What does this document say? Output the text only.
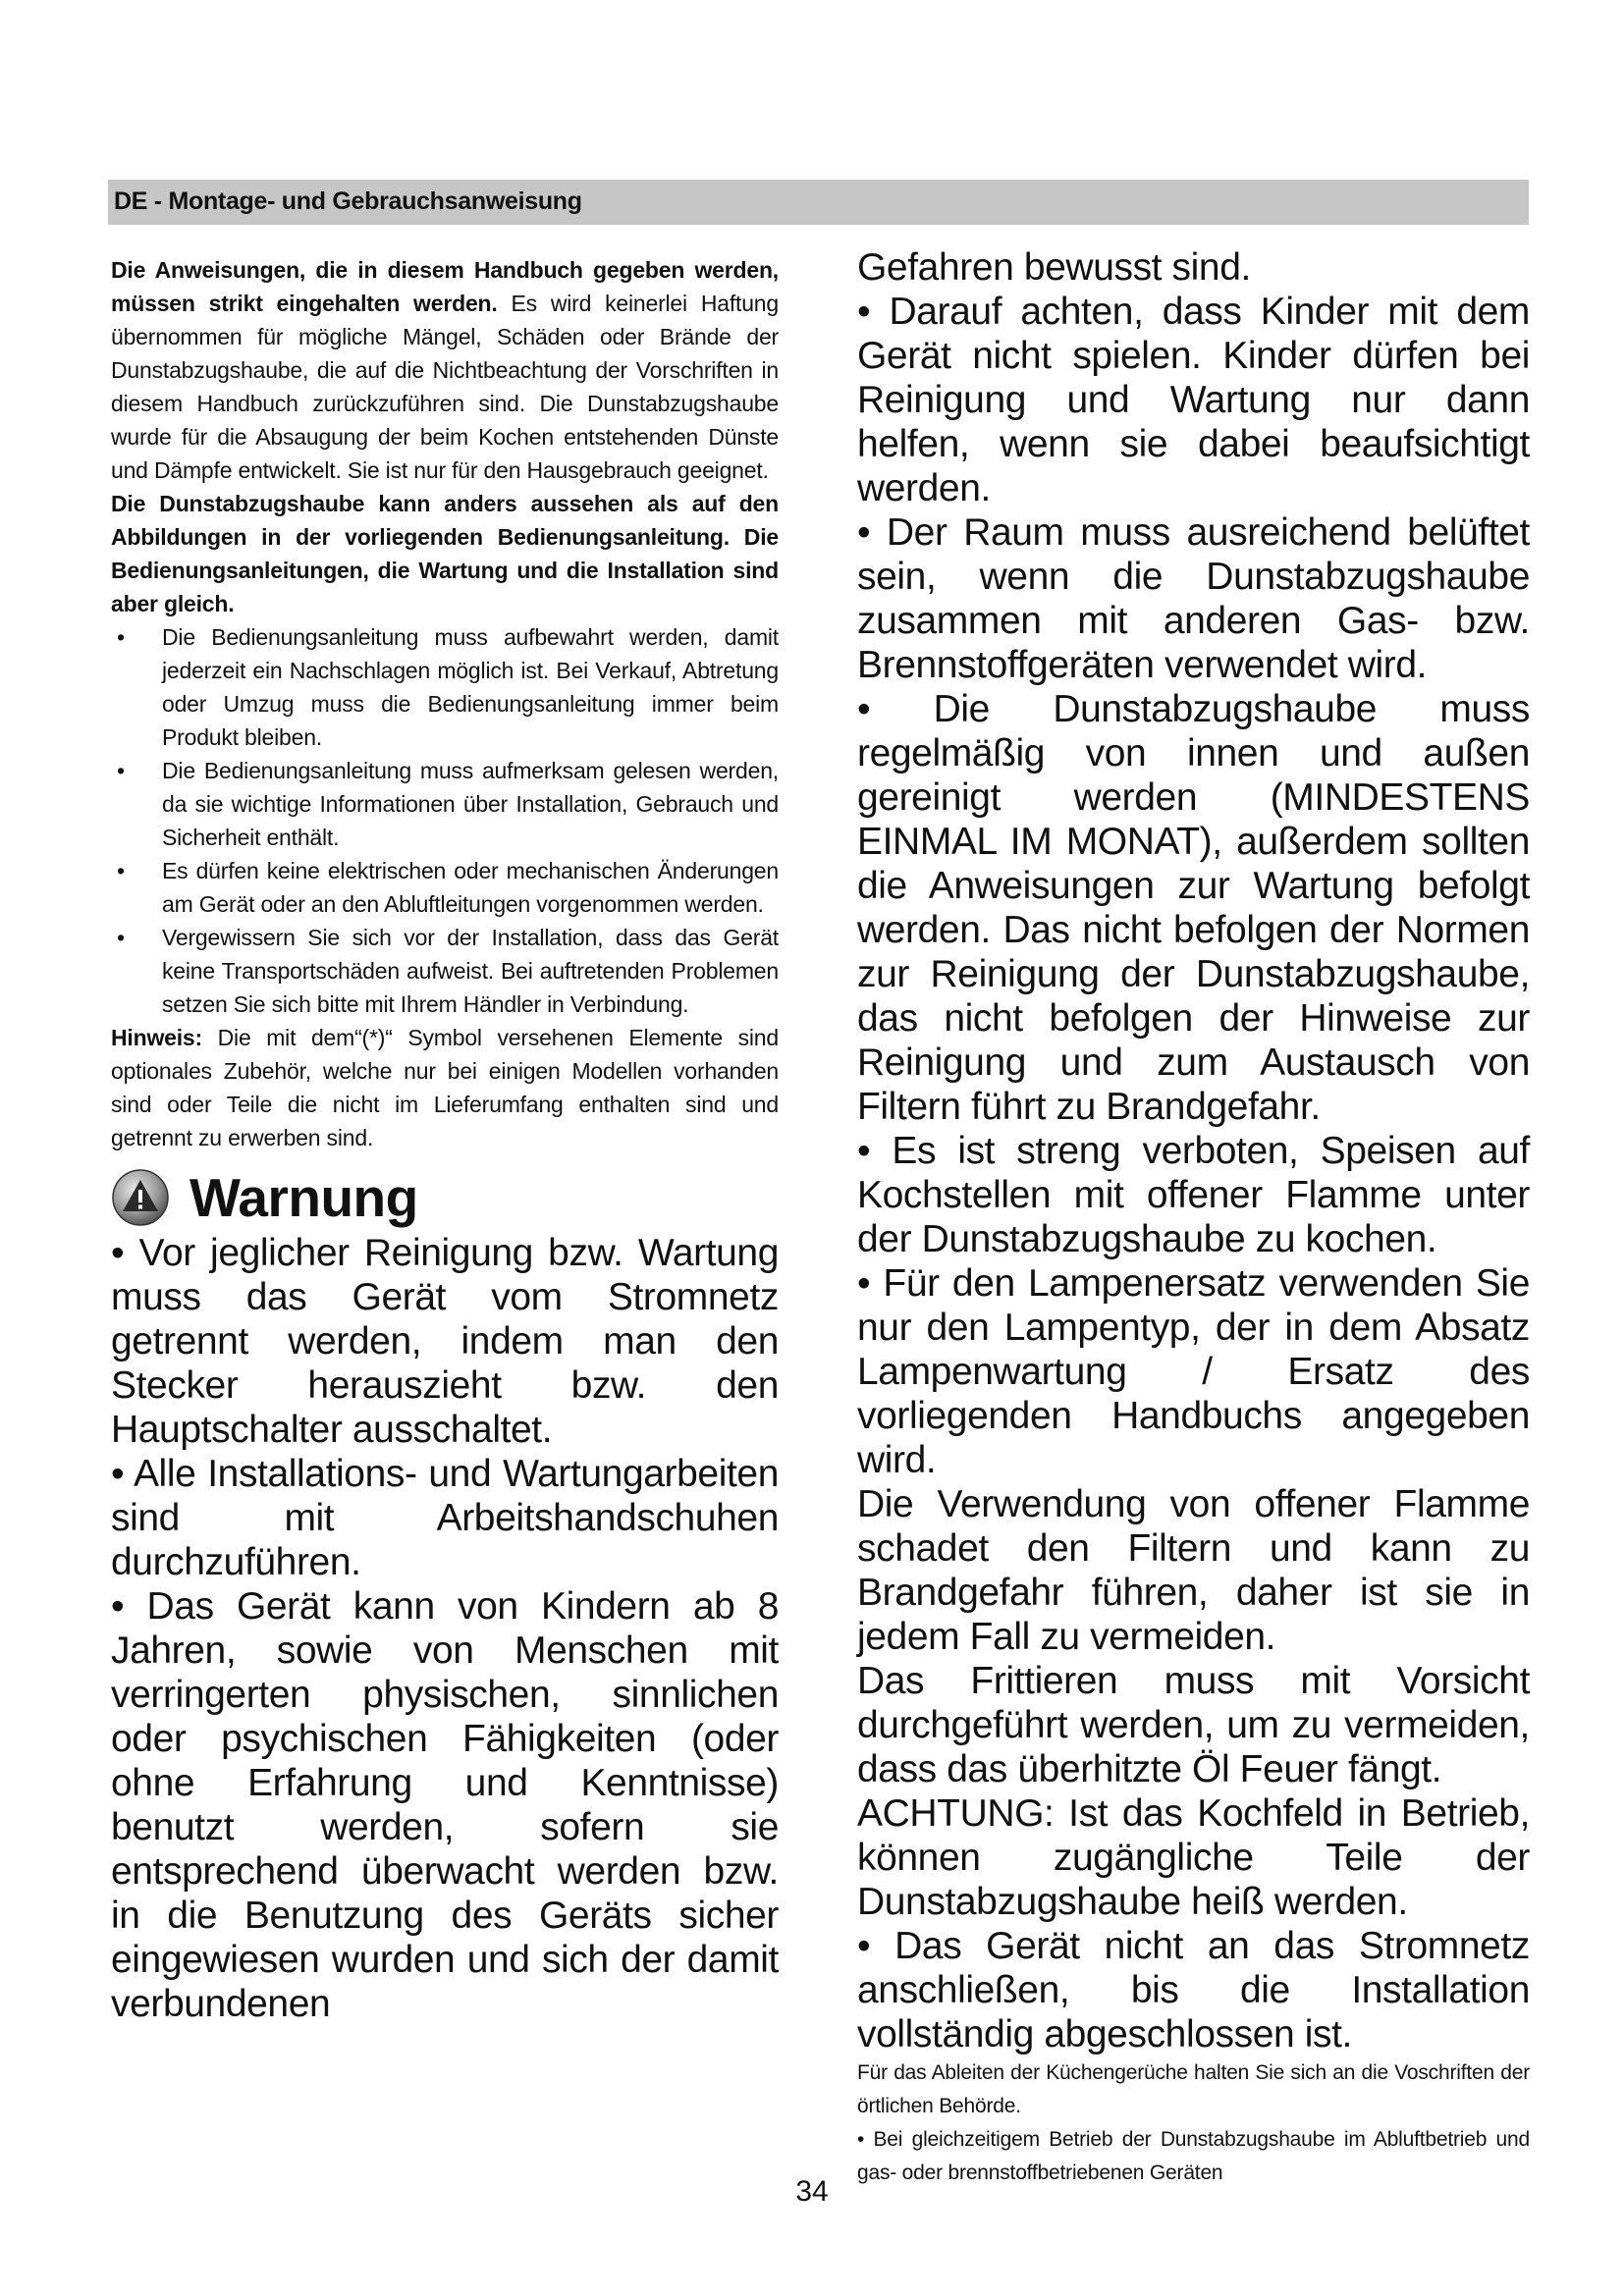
DE - Montage- und Gebrauchsanweisung

Die Anweisungen, die in diesem Handbuch gegeben werden, müssen strikt eingehalten werden. Es wird keinerlei Haftung übernommen für mögliche Mängel, Schäden oder Brände der Dunstabzugshaube, die auf die Nichtbeachtung der Vorschriften in diesem Handbuch zurückzuführen sind. Die Dunstabzugshaube wurde für die Absaugung der beim Kochen entstehenden Dünste und Dämpfe entwickelt. Sie ist nur für den Hausgebrauch geeignet.

Die Dunstabzugshaube kann anders aussehen als auf den Abbildungen in der vorliegenden Bedienungsanleitung. Die Bedienungsanleitungen, die Wartung und die Installation sind aber gleich.

• Die Bedienungsanleitung muss aufbewahrt werden, damit jederzeit ein Nachschlagen möglich ist. Bei Verkauf, Abtretung oder Umzug muss die Bedienungsanleitung immer beim Produkt bleiben.
• Die Bedienungsanleitung muss aufmerksam gelesen werden, da sie wichtige Informationen über Installation, Gebrauch und Sicherheit enthält.
• Es dürfen keine elektrischen oder mechanischen Änderungen am Gerät oder an den Abluftleitungen vorgenommen werden.
• Vergewissern Sie sich vor der Installation, dass das Gerät keine Transportschäden aufweist. Bei auftretenden Problemen setzen Sie sich bitte mit Ihrem Händler in Verbindung.

Hinweis: Die mit dem“(*)“ Symbol versehenen Elemente sind optionales Zubehör, welche nur bei einigen Modellen vorhanden sind oder Teile die nicht im Lieferumfang enthalten sind und getrennt zu erwerben sind.

Warnung

• Vor jeglicher Reinigung bzw. Wartung muss das Gerät vom Stromnetz getrennt werden, indem man den Stecker herauszieht bzw. den Hauptschalter ausschaltet.

• Alle Installations- und Wartungarbeiten sind mit Arbeitshandschuhen durchzuführen.

• Das Gerät kann von Kindern ab 8 Jahren, sowie von Menschen mit verringerten physischen, sinnlichen oder psychischen Fähigkeiten (oder ohne Erfahrung und Kenntnisse) benutzt werden, sofern sie entsprechend überwacht werden bzw. in die Benutzung des Geräts sicher eingewiesen wurden und sich der damit verbundenen

Gefahren bewusst sind.

• Darauf achten, dass Kinder mit dem Gerät nicht spielen. Kinder dürfen bei Reinigung und Wartung nur dann helfen, wenn sie dabei beaufsichtigt werden.

• Der Raum muss ausreichend belüftet sein, wenn die Dunstabzugshaube zusammen mit anderen Gas- bzw. Brennstoffgeräten verwendet wird.

• Die Dunstabzugshaube muss regelmäßig von innen und außen gereinigt werden (MINDESTENS EINMAL IM MONAT), außerdem sollten die Anweisungen zur Wartung befolgt werden. Das nicht befolgen der Normen zur Reinigung der Dunstabzugshaube, das nicht befolgen der Hinweise zur Reinigung und zum Austausch von Filtern führt zu Brandgefahr.

• Es ist streng verboten, Speisen auf Kochstellen mit offener Flamme unter der Dunstabzugshaube zu kochen.

• Für den Lampenersatz verwenden Sie nur den Lampentyp, der in dem Absatz Lampenwartung / Ersatz des vorliegenden Handbuchs angegeben wird.

Die Verwendung von offener Flamme schadet den Filtern und kann zu Brandgefahr führen, daher ist sie in jedem Fall zu vermeiden.

Das Frittieren muss mit Vorsicht durchgeführt werden, um zu vermeiden, dass das überhitzte Öl Feuer fängt.

ACHTUNG: Ist das Kochfeld in Betrieb, können zugängliche Teile der Dunstabzugshaube heiß werden.

• Das Gerät nicht an das Stromnetz anschließen, bis die Installation vollständig abgeschlossen ist.

Für das Ableiten der Küchengerüche halten Sie sich an die Voschriften der örtlichen Behörde.

• Bei gleichzeitigem Betrieb der Dunstabzugshaube im Abluftbetrieb und gas- oder brennstoffbetriebenen Geräten

34
